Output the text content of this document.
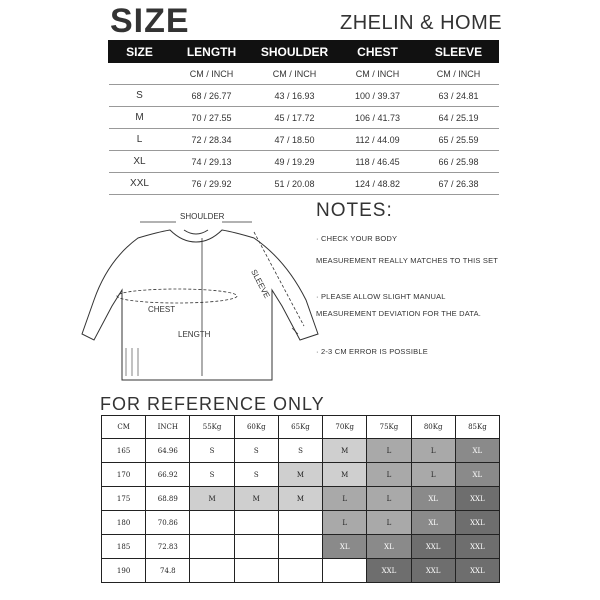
SIZE	ZHELIN & HOME
SIZE	LENGTH	SHOULDER	CHEST	SLEEVE
	CM / INCH	CM / INCH	CM / INCH	CM / INCH
S	68 / 26.77	43 / 16.93	100 / 39.37	63 / 24.81
M	70 / 27.55	45 / 17.72	106 / 41.73	64 / 25.19
L	72 / 28.34	47 / 18.50	112 / 44.09	65 / 25.59
XL	74 / 29.13	49 / 19.29	118 / 46.45	66 / 25.98
XXL	76 / 29.92	51 / 20.08	124 / 48.82	67 / 26.38
SHOULDER
SLEEVE
CHEST
LENGTH
NOTES:
· CHECK YOUR BODY
MEASUREMENT REALLY MATCHES TO THIS SET
· PLEASE ALLOW SLIGHT MANUAL
MEASUREMENT DEVIATION FOR THE DATA.
· 2-3 CM ERROR IS POSSIBLE
FOR REFERENCE ONLY
CM	INCH	55Kg	60Kg	65Kg	70Kg	75Kg	80Kg	85Kg
165	64.96	S	S	S	M	L	L	XL
170	66.92	S	S	M	M	L	L	XL
175	68.89	M	M	M	L	L	XL	XXL
180	70.86				L	L	XL	XXL
185	72.83				XL	XL	XXL	XXL
190	74.8					XXL	XXL	XXL
